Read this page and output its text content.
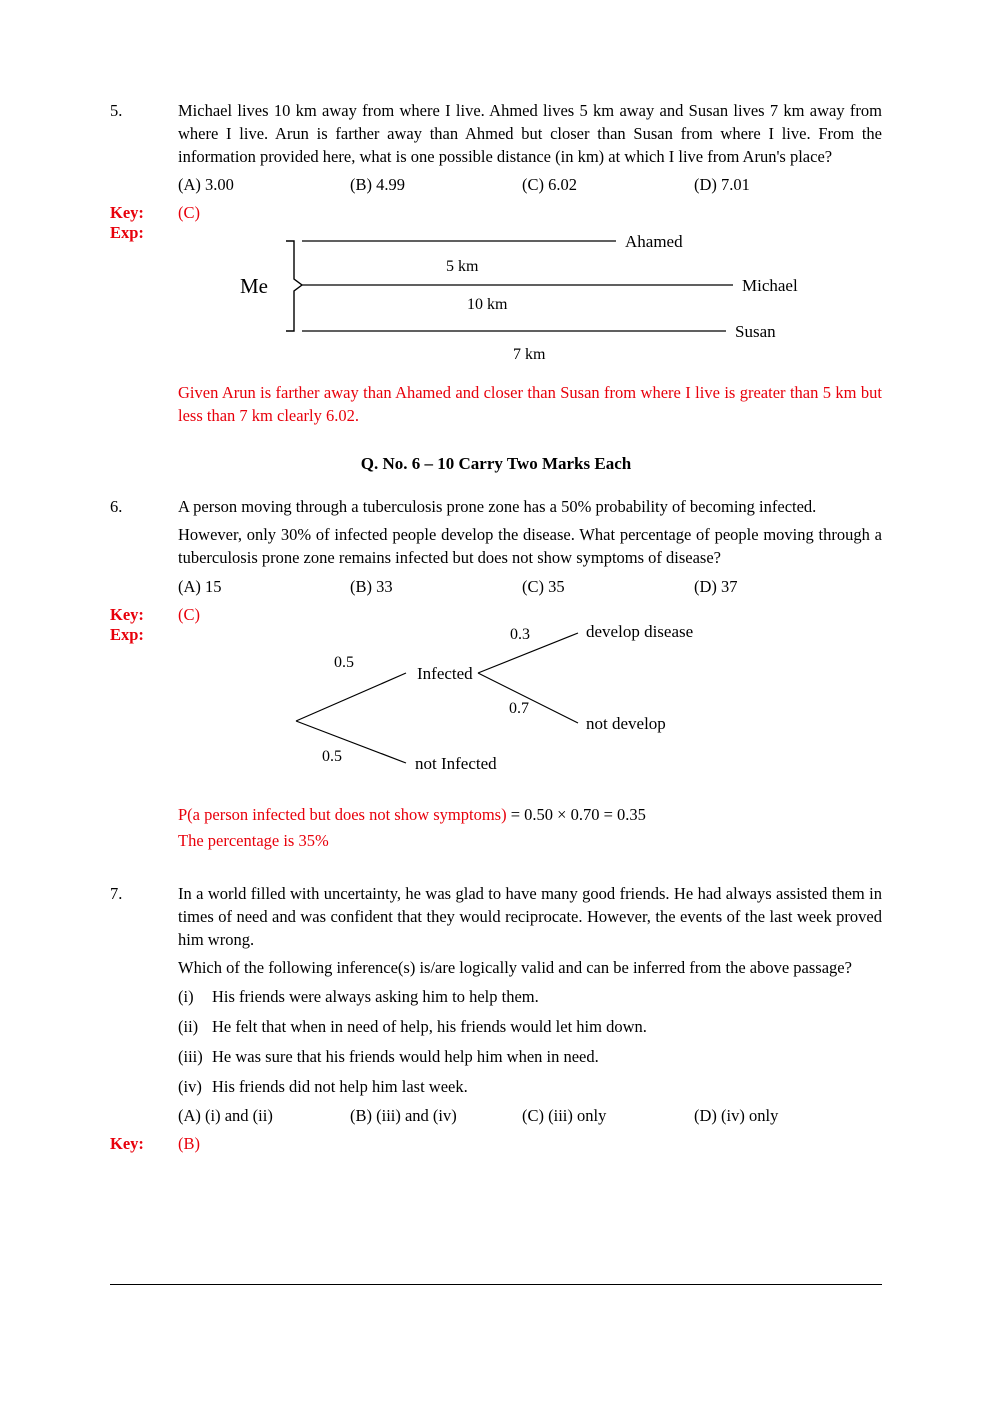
5.	Michael lives 10 km away from where I live. Ahmed lives 5 km away and Susan lives 7 km away from where I live. Arun is farther away than Ahmed but closer than Susan from where I live. From the information provided here, what is one possible distance (in km) at which I live from Arun's place?

(A) 3.00	(B) 4.99	(C) 6.02	(D) 7.01
Key:	(C)
Exp:
Me
Ahamed
Michael
Susan
5 km
10 km
7 km
Given Arun is farther away than Ahamed and closer than Susan from where I live is greater than 5 km but less than 7 km clearly 6.02.
Q. No. 6 – 10 Carry Two Marks Each
6.	A person moving through a tuberculosis prone zone has a 50% probability of becoming infected.

However, only 30% of infected people develop the disease. What percentage of people moving through a tuberculosis prone zone remains infected but does not show symptoms of disease?

(A) 15	(B) 33	(C) 35	(D) 37
Key:	(C)
Exp:
Infected
not Infected
develop disease
not develop
0.5
0.5
0.3
0.7
P(a person infected but does not show symptoms) = 0.50 × 0.70 = 0.35
The percentage is 35%
7.	In a world filled with uncertainty, he was glad to have many good friends. He had always assisted them in times of need and was confident that they would reciprocate. However, the events of the last week proved him wrong.

Which of the following inference(s) is/are logically valid and can be inferred from the above passage?

(i)	His friends were always asking him to help them.
(ii) He felt that when in need of help, his friends would let him down.
(iii) He was sure that his friends would help him when in need.
(iv) His friends did not help him last week.
(A) (i) and (ii)	(B) (iii) and (iv)	(C) (iii) only	(D) (iv) only
Key:	(B)
